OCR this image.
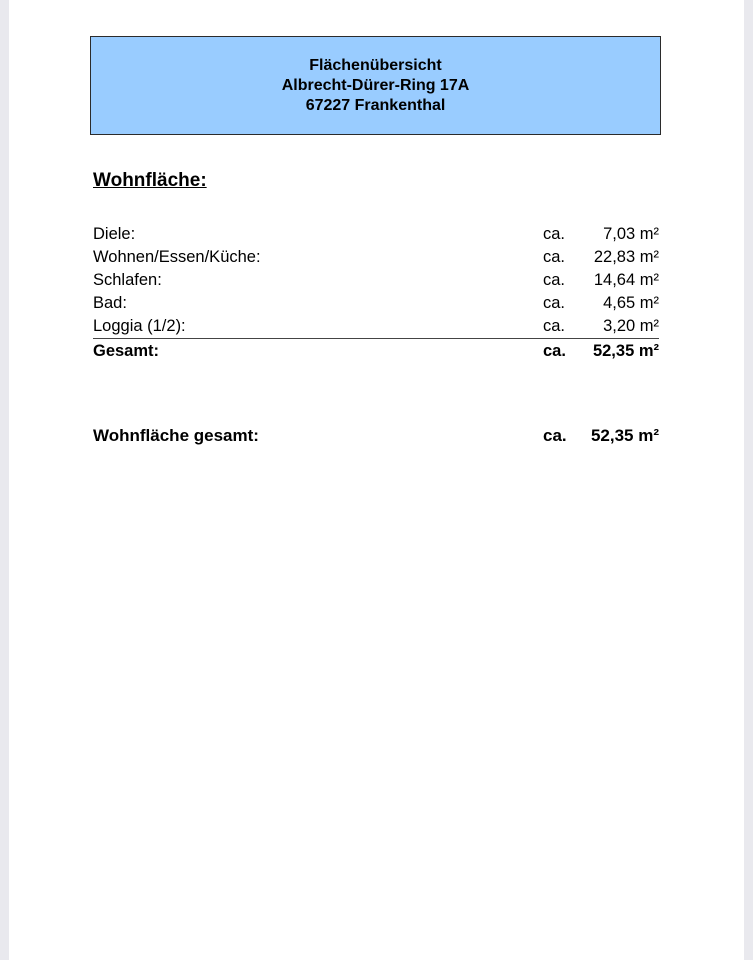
Flächenübersicht
Albrecht-Dürer-Ring 17A
67227 Frankenthal
Wohnfläche:
Diele:	ca. 7,03 m²
Wohnen/Essen/Küche:	ca. 22,83 m²
Schlafen:	ca. 14,64 m²
Bad:	ca. 4,65 m²
Loggia (1/2):	ca. 3,20 m²
Gesamt:	ca. 52,35 m²
Wohnfläche gesamt:	ca. 52,35 m²
